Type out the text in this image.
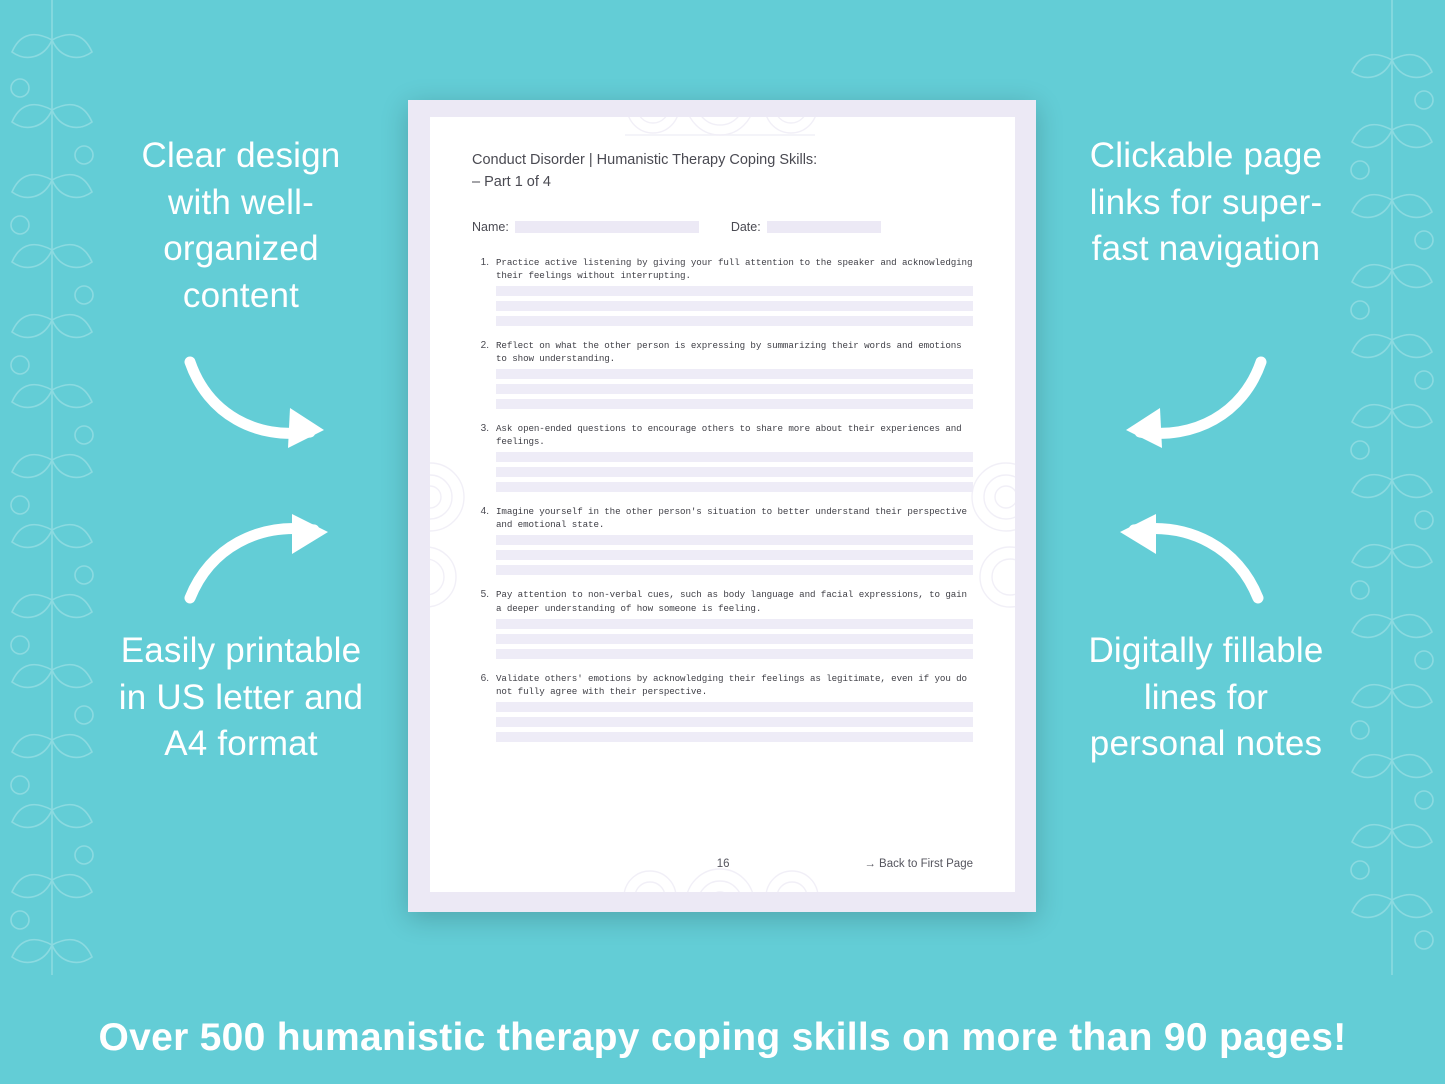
Clear design with well-organized content
Clickable page links for super-fast navigation
Easily printable in US letter and A4 format
Digitally fillable lines for personal notes
Conduct Disorder | Humanistic Therapy Coping Skills:
– Part 1 of 4
Name:	Date:
1. Practice active listening by giving your full attention to the speaker and acknowledging their feelings without interrupting.
2. Reflect on what the other person is expressing by summarizing their words and emotions to show understanding.
3. Ask open-ended questions to encourage others to share more about their experiences and feelings.
4. Imagine yourself in the other person's situation to better understand their perspective and emotional state.
5. Pay attention to non-verbal cues, such as body language and facial expressions, to gain a deeper understanding of how someone is feeling.
6. Validate others' emotions by acknowledging their feelings as legitimate, even if you do not fully agree with their perspective.
16	→ Back to First Page
Over 500 humanistic therapy coping skills on more than 90 pages!
